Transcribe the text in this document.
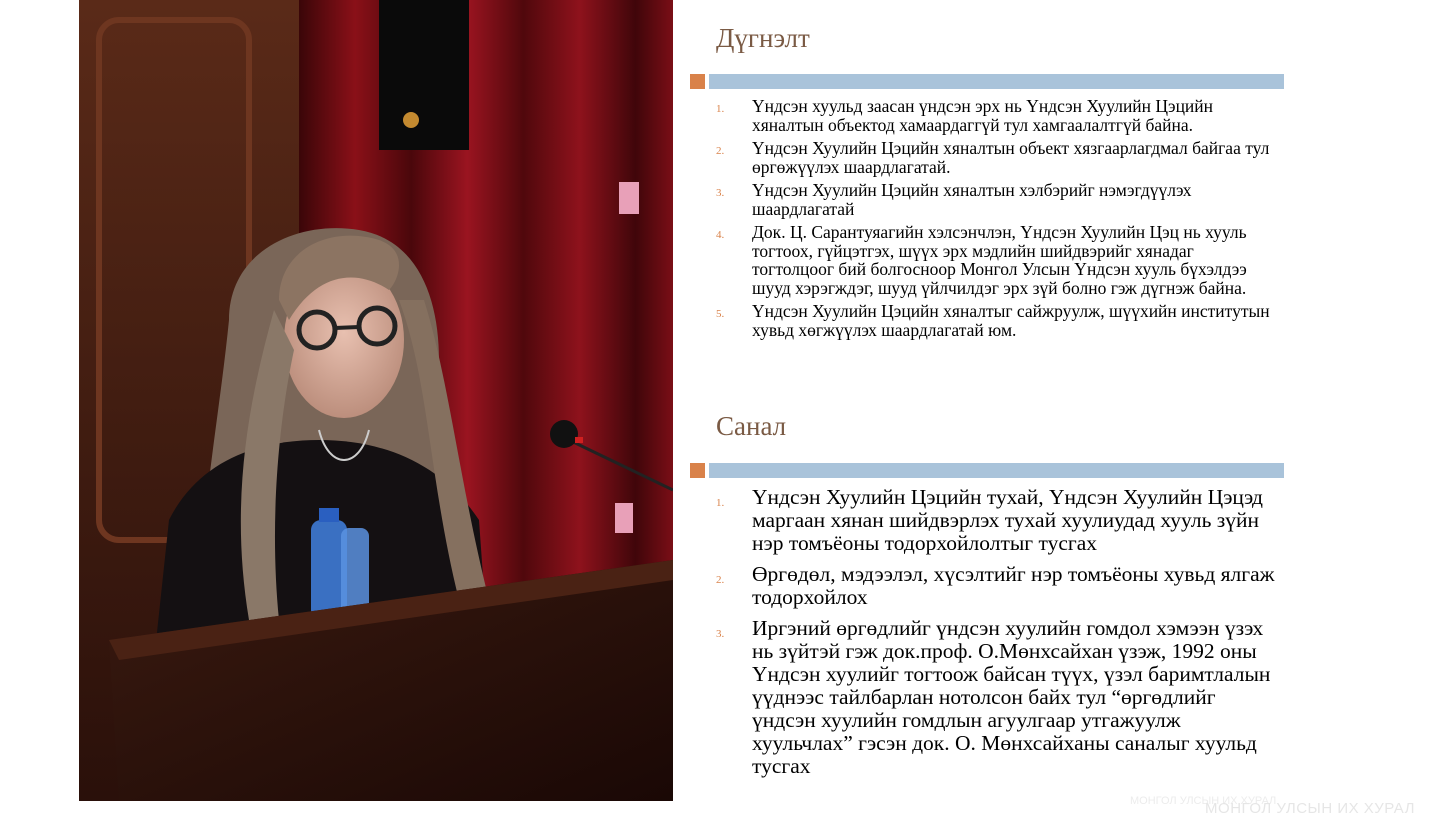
Дүгнэлт
1. Үндсэн хуульд заасан үндсэн эрх нь Үндсэн Хуулийн Цэцийн хяналтын объектод хамаардаггүй тул хамгаалалтгүй байна.
2. Үндсэн Хуулийн Цэцийн хяналтын объект хязгаарлагдмал байгаа тул өргөжүүлэх шаардлагатай.
3. Үндсэн Хуулийн Цэцийн хяналтын хэлбэрийг нэмэгдүүлэх шаардлагатай
4. Док. Ц. Сарантуяагийн хэлсэнчлэн, Үндсэн Хуулийн Цэц нь хууль тогтоох, гүйцэтгэх, шүүх эрх мэдлийн шийдвэрийг хянадаг тогтолцоог бий болгосноор Монгол Улсын Үндсэн хууль бүхэлдээ шууд хэрэгждэг, шууд үйлчилдэг эрх зүй болно гэж дүгнэж байна.
5. Үндсэн Хуулийн Цэцийн хяналтыг сайжруулж, шүүхийн институтын хувьд хөгжүүлэх шаардлагатай юм.
Санал
1. Үндсэн Хуулийн Цэцийн тухай, Үндсэн Хуулийн Цэцэд маргаан хянан шийдвэрлэх тухай хуулиудад хууль зүйн нэр томъёоны тодорхойлолтыг тусгах
2. Өргөдөл, мэдээлэл, хүсэлтийг нэр томъёоны хувьд ялгаж тодорхойлох
3. Иргэний өргөдлийг үндсэн хуулийн гомдол хэмээн үзэх нь зүйтэй гэж док.проф. О.Мөнхсайхан үзэж, 1992 оны Үндсэн хуулийг тогтоож байсан түүх, үзэл баримтлалын үүднээс тайлбарлан нотолсон байх тул “өргөдлийг үндсэн хуулийн гомдлын агуулгаар утгажуулж хуульчлах” гэсэн док. О. Мөнхсайханы саналыг хуульд тусгах
МОНГОЛ УЛСЫН ИХ ХУРАЛ
МОНГОЛ УЛСЫН ИХ ХУРАЛ
